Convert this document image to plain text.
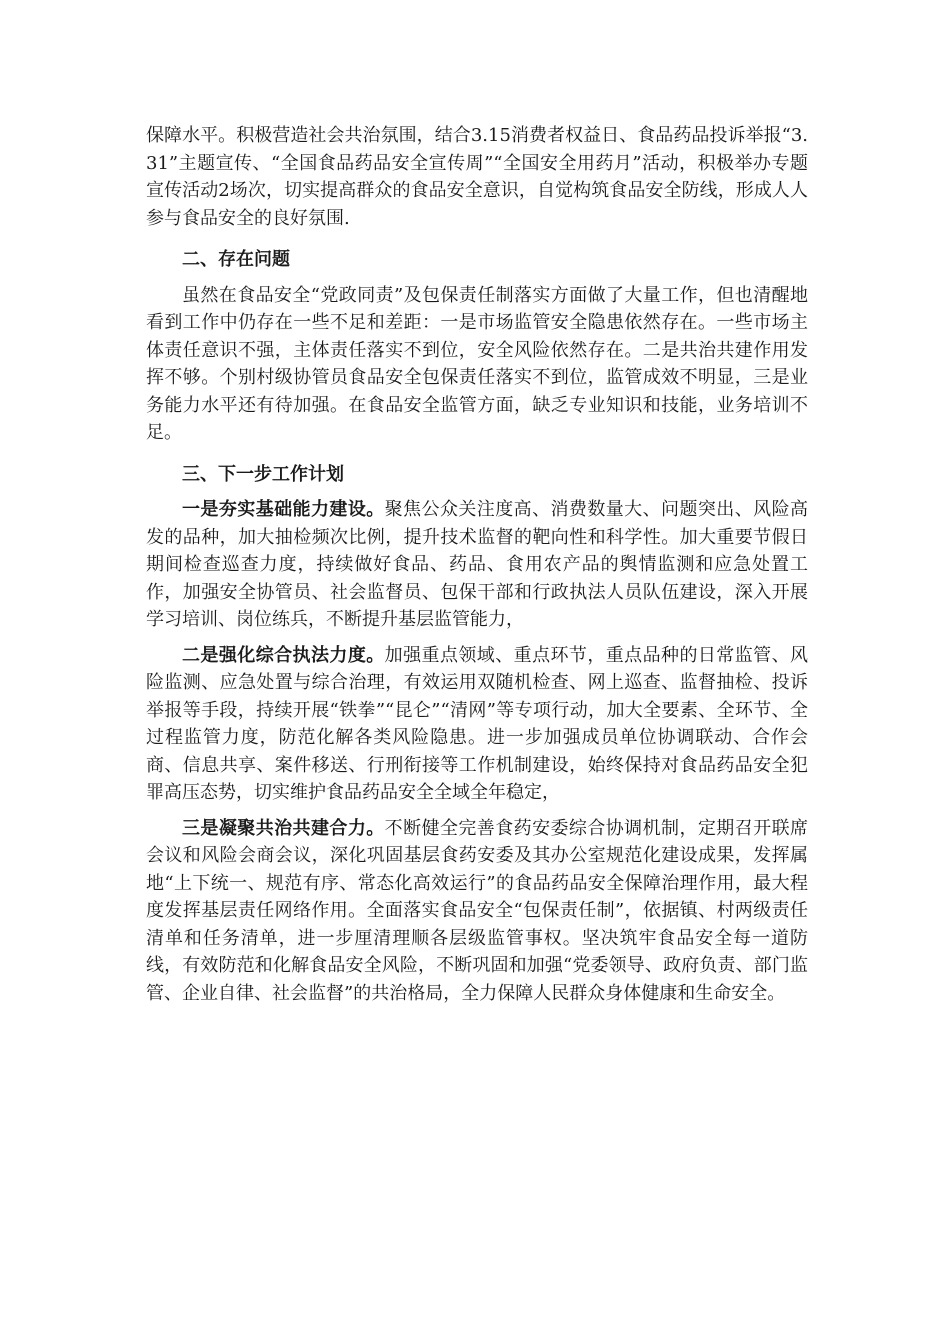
保障水平。积极营造社会共治氛围，结合3.15消费者权益日、食品药品投诉举报“3.31”主题宣传、“全国食品药品安全宣传周”“全国安全用药月”活动，积极举办专题宣传活动2场次，切实提高群众的食品安全意识，自觉构筑食品安全防线，形成人人参与食品安全的良好氛围.

二、存在问题

虽然在食品安全“党政同责”及包保责任制落实方面做了大量工作，但也清醒地看到工作中仍存在一些不足和差距：一是市场监管安全隐患依然存在。一些市场主体责任意识不强，主体责任落实不到位，安全风险依然存在。二是共治共建作用发挥不够。个别村级协管员食品安全包保责任落实不到位，监管成效不明显，三是业务能力水平还有待加强。在食品安全监管方面，缺乏专业知识和技能，业务培训不足。

三、下一步工作计划

一是夯实基础能力建设。聚焦公众关注度高、消费数量大、问题突出、风险高发的品种，加大抽检频次比例，提升技术监督的靶向性和科学性。加大重要节假日期间检查巡查力度，持续做好食品、药品、食用农产品的舆情监测和应急处置工作，加强安全协管员、社会监督员、包保干部和行政执法人员队伍建设，深入开展学习培训、岗位练兵，不断提升基层监管能力，

二是强化综合执法力度。加强重点领域、重点环节，重点品种的日常监管、风险监测、应急处置与综合治理，有效运用双随机检查、网上巡查、监督抽检、投诉举报等手段，持续开展“铁拳”“昆仑”“清网”等专项行动，加大全要素、全环节、全过程监管力度，防范化解各类风险隐患。进一步加强成员单位协调联动、合作会商、信息共享、案件移送、行刑衔接等工作机制建设，始终保持对食品药品安全犯罪高压态势，切实维护食品药品安全全域全年稳定，

三是凝聚共治共建合力。不断健全完善食药安委综合协调机制，定期召开联席会议和风险会商会议，深化巩固基层食药安委及其办公室规范化建设成果，发挥属地“上下统一、规范有序、常态化高效运行”的食品药品安全保障治理作用，最大程度发挥基层责任网络作用。全面落实食品安全“包保责任制”，依据镇、村两级责任清单和任务清单，进一步厘清理顺各层级监管事权。坚决筑牢食品安全每一道防线，有效防范和化解食品安全风险，不断巩固和加强“党委领导、政府负责、部门监管、企业自律、社会监督”的共治格局，全力保障人民群众身体健康和生命安全。
